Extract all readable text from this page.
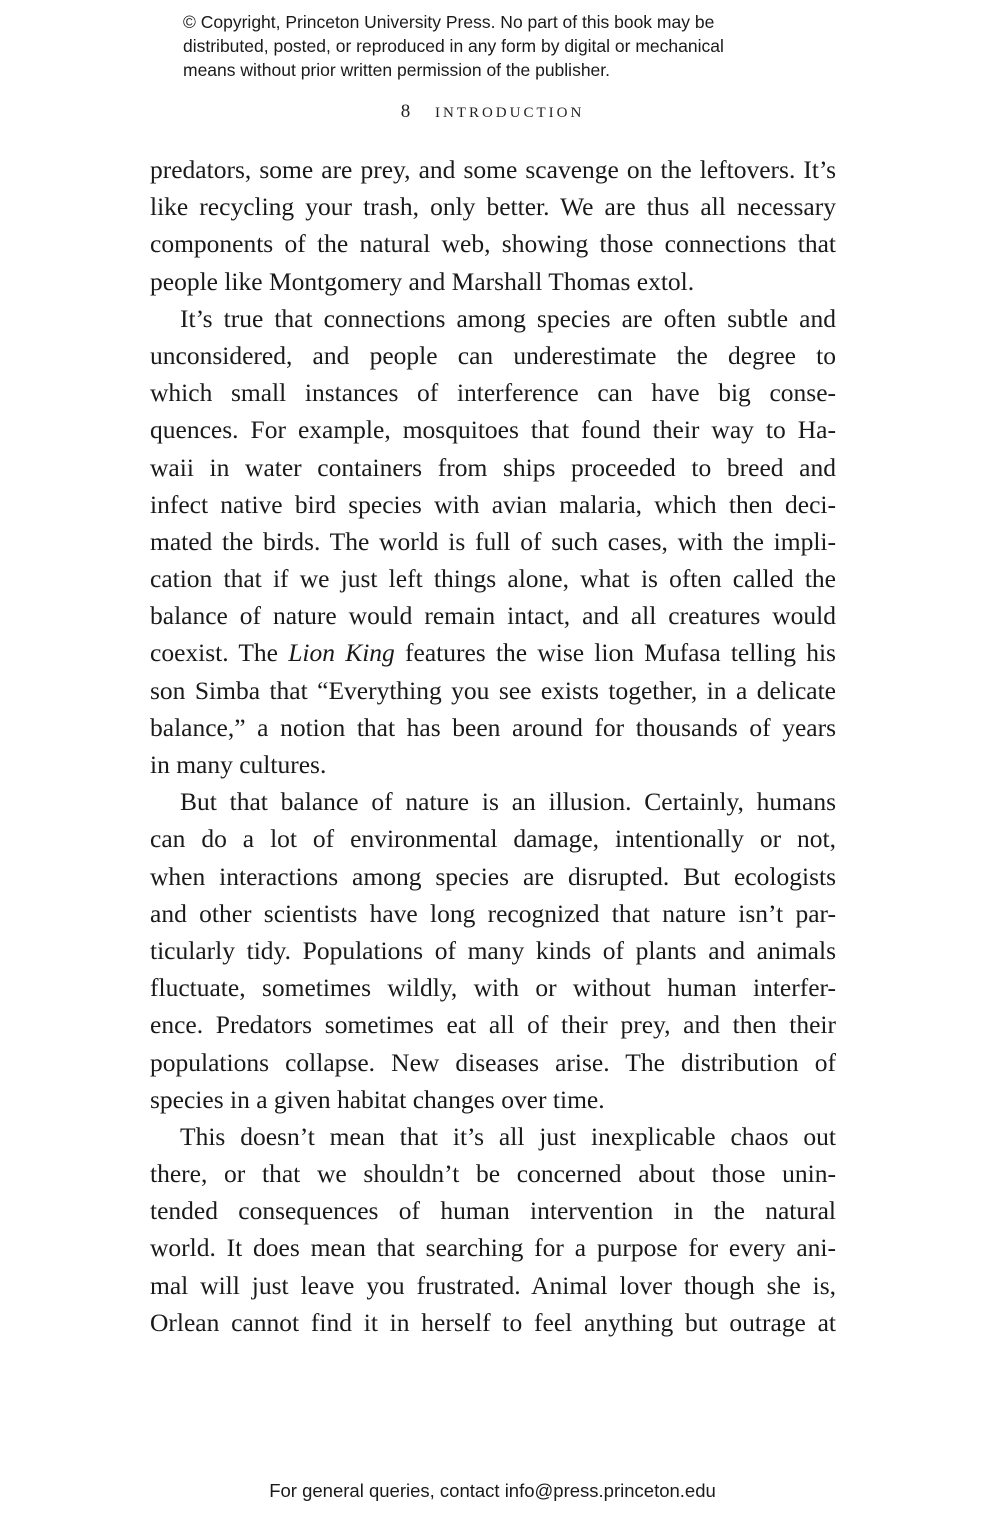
© Copyright, Princeton University Press. No part of this book may be
distributed, posted, or reproduced in any form by digital or mechanical
means without prior written permission of the publisher.
8 INTRODUCTION
predators, some are prey, and some scavenge on the leftovers. It’s
like recycling your trash, only better. We are thus all necessary
components of the natural web, showing those connections that
people like Montgomery and Marshall Thomas extol.
It’s true that connections among species are often subtle and
unconsidered, and people can underestimate the degree to
which small instances of interference can have big conse-
quences. For example, mosquitoes that found their way to Ha-
waii in water containers from ships proceeded to breed and
infect native bird species with avian malaria, which then deci-
mated the birds. The world is full of such cases, with the impli-
cation that if we just left things alone, what is often called the
balance of nature would remain intact, and all creatures would
coexist. The Lion King features the wise lion Mufasa telling his
son Simba that “Everything you see exists together, in a delicate
balance,” a notion that has been around for thousands of years
in many cultures.
But that balance of nature is an illusion. Certainly, humans
can do a lot of environmental damage, intentionally or not,
when interactions among species are disrupted. But ecologists
and other scientists have long recognized that nature isn’t par-
ticularly tidy. Populations of many kinds of plants and animals
fluctuate, sometimes wildly, with or without human interfer-
ence. Predators sometimes eat all of their prey, and then their
populations collapse. New diseases arise. The distribution of
species in a given habitat changes over time.
This doesn’t mean that it’s all just inexplicable chaos out
there, or that we shouldn’t be concerned about those unin-
tended consequences of human intervention in the natural
world. It does mean that searching for a purpose for every ani-
mal will just leave you frustrated. Animal lover though she is,
Orlean cannot find it in herself to feel anything but outrage at
For general queries, contact info@press.princeton.edu
